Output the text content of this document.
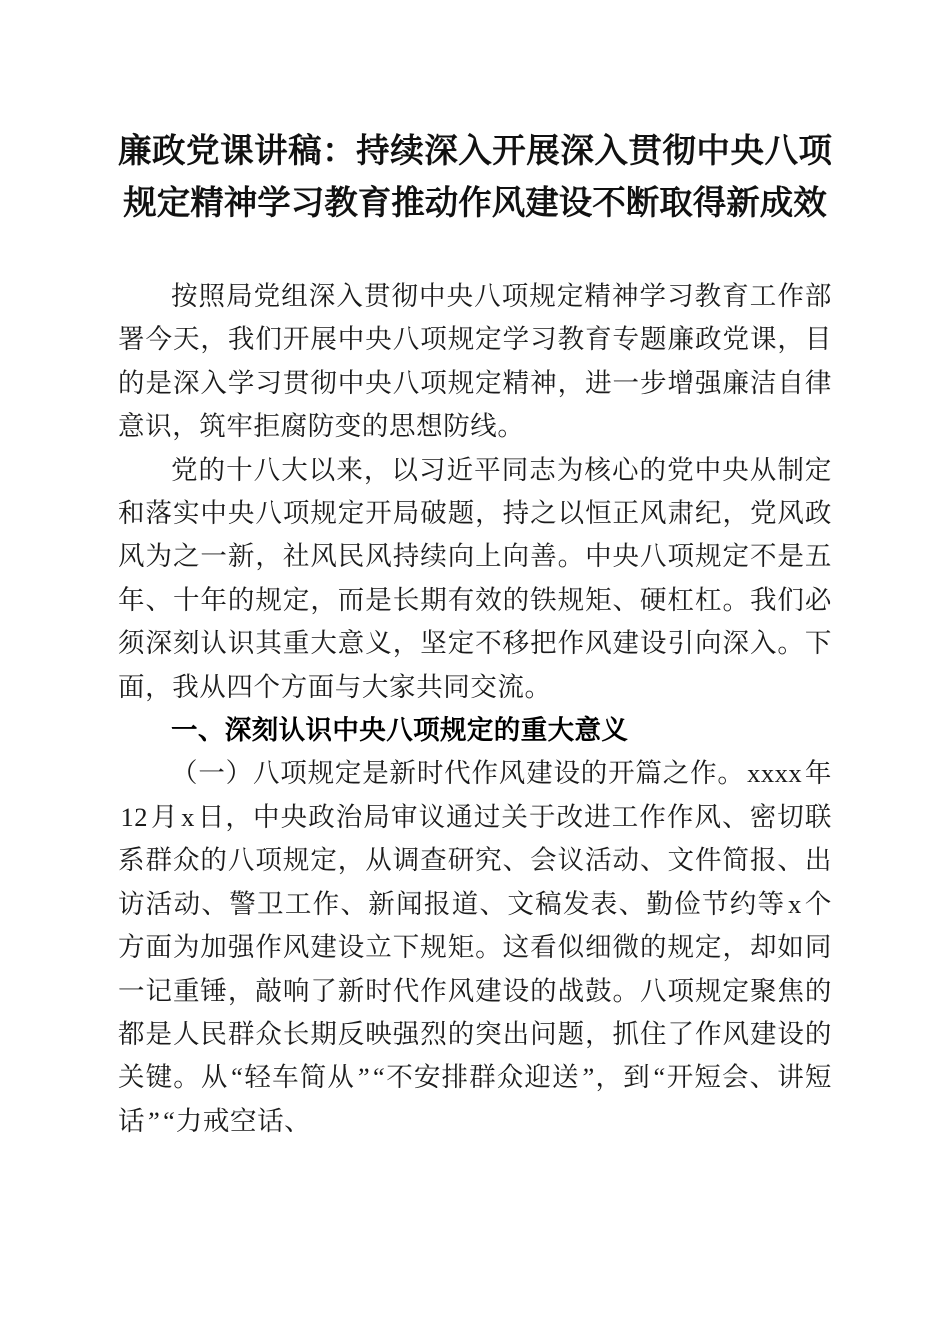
廉政党课讲稿：持续深入开展深入贯彻中央八项规定精神学习教育推动作风建设不断取得新成效

按照局党组深入贯彻中央八项规定精神学习教育工作部署今天，我们开展中央八项规定学习教育专题廉政党课，目的是深入学习贯彻中央八项规定精神，进一步增强廉洁自律意识，筑牢拒腐防变的思想防线。

党的十八大以来，以习近平同志为核心的党中央从制定和落实中央八项规定开局破题，持之以恒正风肃纪，党风政风为之一新，社风民风持续向上向善。中央八项规定不是五年、十年的规定，而是长期有效的铁规矩、硬杠杠。我们必须深刻认识其重大意义，坚定不移把作风建设引向深入。下面，我从四个方面与大家共同交流。

一、深刻认识中央八项规定的重大意义

（一）八项规定是新时代作风建设的开篇之作。xxxx年12月x日，中央政治局审议通过关于改进工作作风、密切联系群众的八项规定，从调查研究、会议活动、文件简报、出访活动、警卫工作、新闻报道、文稿发表、勤俭节约等x个方面为加强作风建设立下规矩。这看似细微的规定，却如同一记重锤，敲响了新时代作风建设的战鼓。八项规定聚焦的都是人民群众长期反映强烈的突出问题，抓住了作风建设的关键。从“轻车简从”“不安排群众迎送”，到“开短会、讲短话”“力戒空话、
